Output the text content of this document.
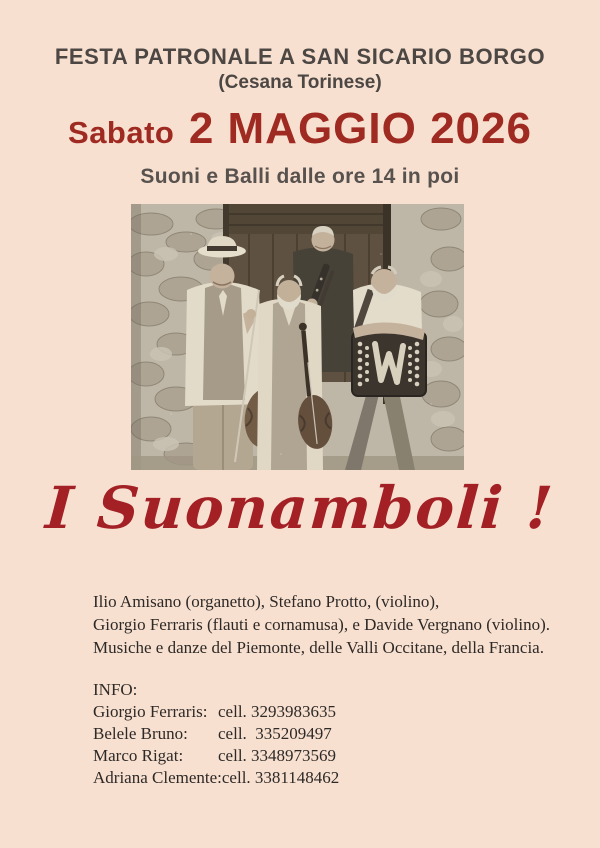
FESTA PATRONALE A SAN SICARIO BORGO
(Cesana Torinese)
Sabato 2 MAGGIO 2026
Suoni e Balli dalle ore 14 in poi
I Suonamboli !
Ilio Amisano (organetto), Stefano Protto, (violino),
Giorgio Ferraris (flauti e cornamusa), e Davide Vergnano (violino).
Musiche e danze del Piemonte, delle Valli Occitane, della Francia.
INFO:
Giorgio Ferraris: cell. 3293983635
Belele Bruno:	cell.  335209497
Marco Rigat:	cell. 3348973569
Adriana Clemente: cell. 3381148462
